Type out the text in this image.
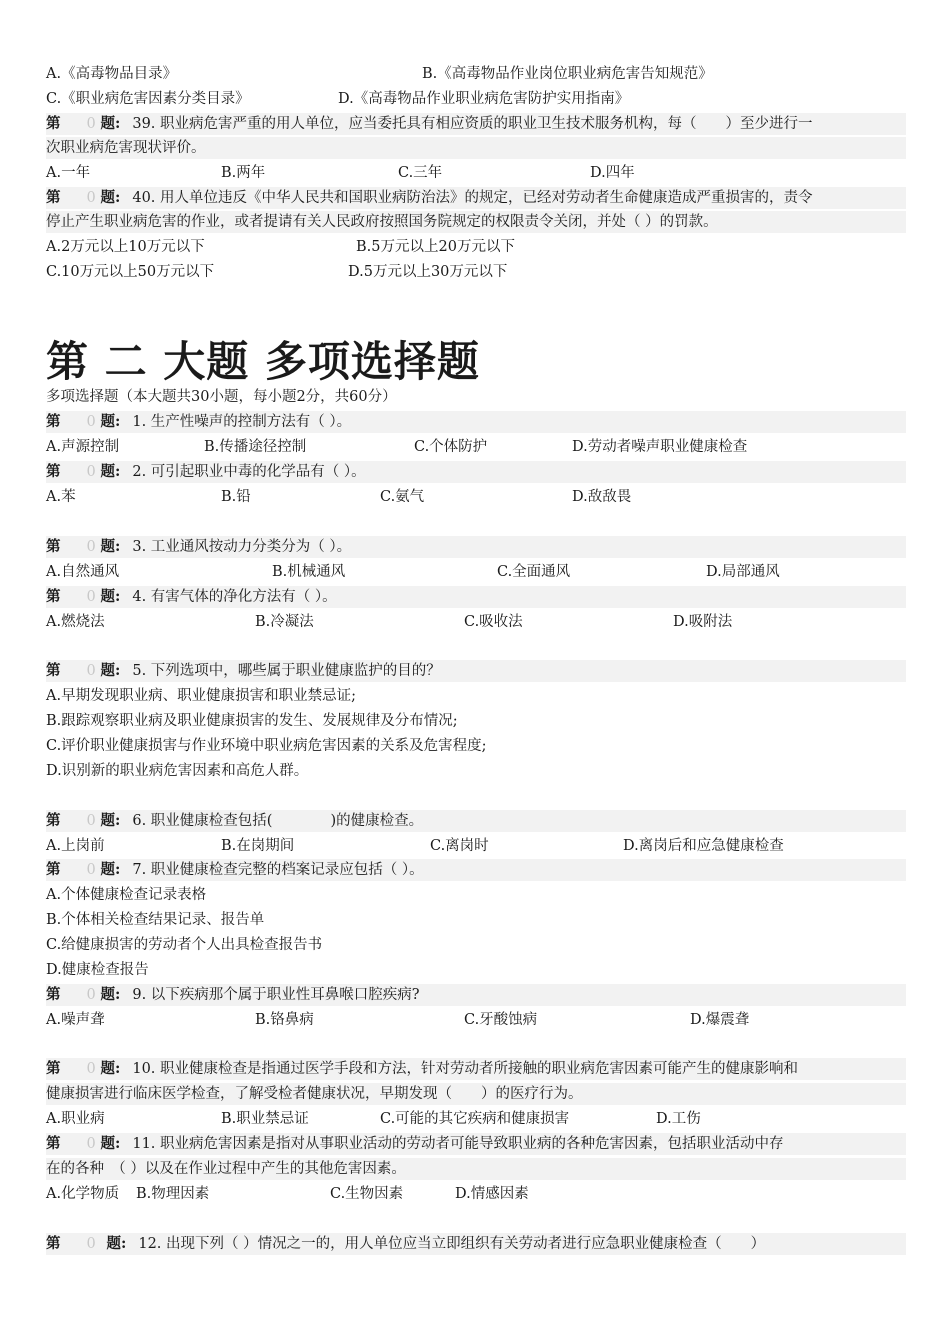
A.《高毒物品目录》	B.《高毒物品作业岗位职业病危害告知规范》
C.《职业病危害因素分类目录》	D.《高毒物品作业职业病危害防护实用指南》
第 0 题: 39. 职业病危害严重的用人单位，应当委托具有相应资质的职业卫生技术服务机构，每（　　）至少进行一
次职业病危害现状评价。
A.一年	B.两年	C.三年	D.四年
第 0 题: 40. 用人单位违反《中华人民共和国职业病防治法》的规定，已经对劳动者生命健康造成严重损害的，责令
停止产生职业病危害的作业，或者提请有关人民政府按照国务院规定的权限责令关闭，并处（ ）的罚款。
A.2万元以上10万元以下	B.5万元以上20万元以下
C.10万元以上50万元以下	D.5万元以上30万元以下
第 二 大题 多项选择题
多项选择题（本大题共30小题，每小题2分，共60分）
第 0 题: 1. 生产性噪声的控制方法有（ ）。
A.声源控制	B.传播途径控制	C.个体防护	D.劳动者噪声职业健康检查
第 0 题: 2. 可引起职业中毒的化学品有（ ）。
A.苯	B.铅	C.氨气	D.敌敌畏
第 0 题: 3. 工业通风按动力分类分为（ ）。
A.自然通风	B.机械通风	C.全面通风	D.局部通风
第 0 题: 4. 有害气体的净化方法有（ ）。
A.燃烧法	B.冷凝法	C.吸收法	D.吸附法
第 0 题: 5. 下列选项中，哪些属于职业健康监护的目的？
A.早期发现职业病、职业健康损害和职业禁忌证;
B.跟踪观察职业病及职业健康损害的发生、发展规律及分布情况;
C.评价职业健康损害与作业环境中职业病危害因素的关系及危害程度;
D.识别新的职业病危害因素和高危人群。
第 0 题: 6. 职业健康检查包括(　　　　)的健康检查。
A.上岗前	B.在岗期间	C.离岗时	D.离岗后和应急健康检查
第 0 题: 7. 职业健康检查完整的档案记录应包括（ ）。
A.个体健康检查记录表格
B.个体相关检查结果记录、报告单
C.给健康损害的劳动者个人出具检查报告书
D.健康检查报告
第 0 题: 9. 以下疾病那个属于职业性耳鼻喉口腔疾病?
A.噪声聋	B.铬鼻病	C.牙酸蚀病	D.爆震聋
第 0 题: 10. 职业健康检查是指通过医学手段和方法，针对劳动者所接触的职业病危害因素可能产生的健康影响和
健康损害进行临床医学检查，了解受检者健康状况，早期发现（　　）的医疗行为。
A.职业病	B.职业禁忌证	C.可能的其它疾病和健康损害	D.工伤
第 0 题: 11. 职业病危害因素是指对从事职业活动的劳动者可能导致职业病的各种危害因素，包括职业活动中存
在的各种　（ ）以及在作业过程中产生的其他危害因素。
A.化学物质 B.物理因素	C.生物因素	D.情感因素
第 0 题: 12. 出现下列（ ）情况之一的，用人单位应当立即组织有关劳动者进行应急职业健康检查（　　）
